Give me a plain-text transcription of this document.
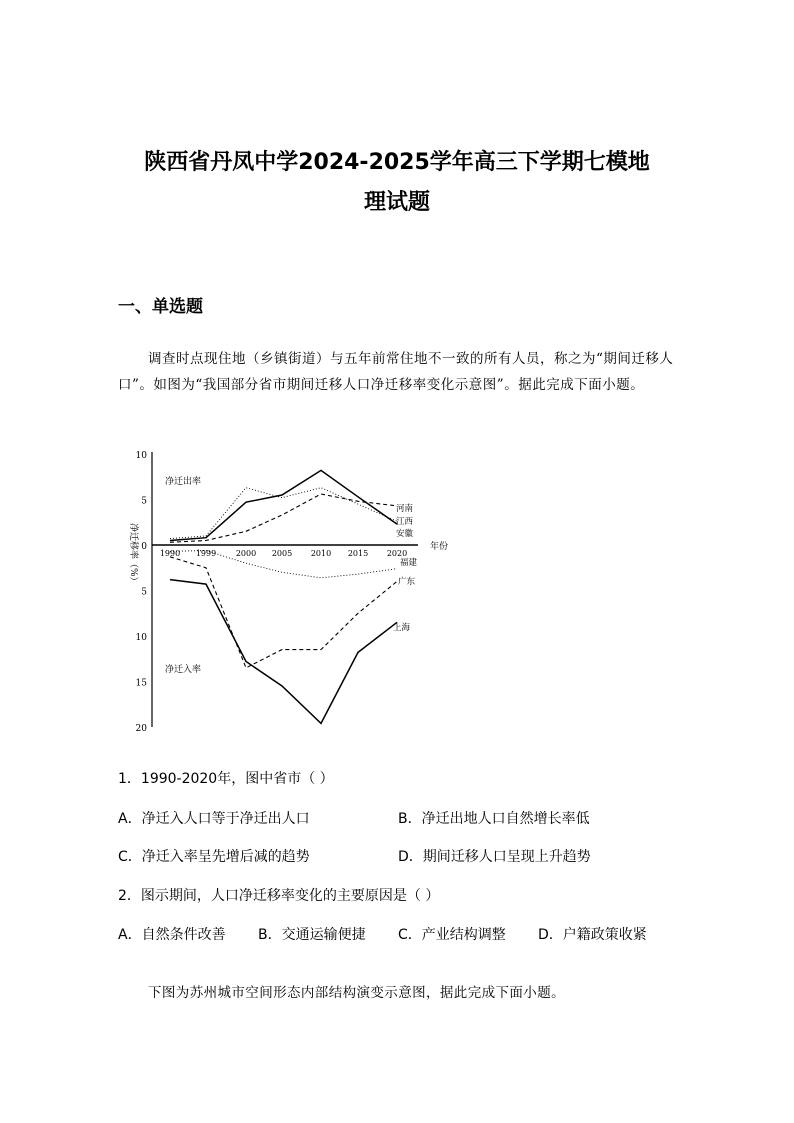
陕西省丹凤中学2024-2025学年高三下学期七模地
理试题
一、单选题

调查时点现住地（乡镇街道）与五年前常住地不一致的所有人员，称之为“期间迁移人口”。如图为“我国部分省市期间迁移人口净迁移率变化示意图”。据此完成下面小题。

10
5
0
5
10
15
20
1990 1999 2000 2005 2010 2015 2020
年份
净迁移率（%）
净迁出率
净迁入率
河南
江西
安徽
福建
广东
上海
1．1990-2020年，图中省市（ ）
A．净迁入人口等于净迁出人口	B．净迁出地人口自然增长率低
C．净迁入率呈先增后减的趋势	D．期间迁移人口呈现上升趋势
2．图示期间，人口净迁移率变化的主要原因是（ ）
A．自然条件改善 B．交通运输便捷 C．产业结构调整 D．户籍政策收紧
下图为苏州城市空间形态内部结构演变示意图，据此完成下面小题。
